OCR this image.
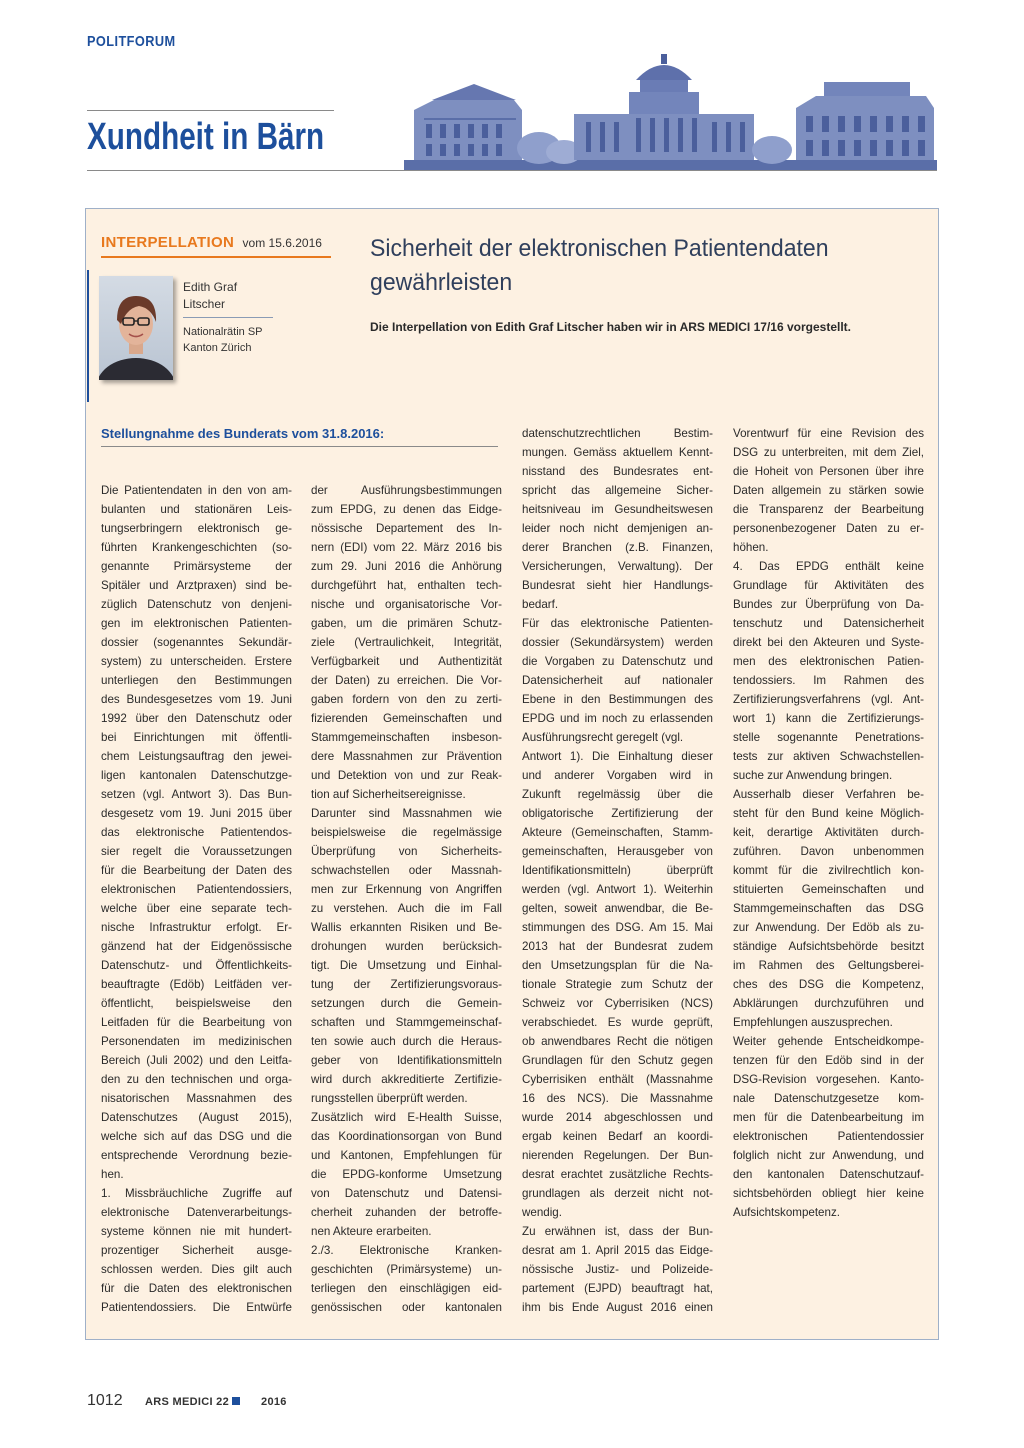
POLITFORUM
Xundheit in Bärn
INTERPELLATION vom 15.6.2016
Edith Graf
Litscher
Nationalrätin SP
Kanton Zürich
Sicherheit der elektronischen Patientendaten
gewährleisten
Die Interpellation von Edith Graf Litscher haben wir in ARS MEDICI 17/16 vorgestellt.
Stellungnahme des Bunderats vom 31.8.2016:
Die Patientendaten in den von am-
bulanten und stationären Leis-
tungserbringern elektronisch ge-
führten Krankengeschichten (so-
genannte Primärsysteme der
Spitäler und Arztpraxen) sind be-
züglich Datenschutz von denjeni-
gen im elektronischen Patienten-
dossier (sogenanntes Sekundär-
system) zu unterscheiden. Erstere
unterliegen den Bestimmungen
des Bundesgesetzes vom 19. Juni
1992 über den Datenschutz oder
bei Einrichtungen mit öffentli-
chem Leistungsauftrag den jewei-
ligen kantonalen Datenschutzge-
setzen (vgl. Antwort 3). Das Bun-
desgesetz vom 19. Juni 2015 über
das elektronische Patientendos-
sier regelt die Voraussetzungen
für die Bearbeitung der Daten des
elektronischen Patientendossiers,
welche über eine separate tech-
nische Infrastruktur erfolgt. Er-
gänzend hat der Eidgenössische
Datenschutz- und Öffentlichkeits-
beauftragte (Edöb) Leitfäden ver-
öffentlicht, beispielsweise den
Leitfaden für die Bearbeitung von
Personendaten im medizinischen
Bereich (Juli 2002) und den Leitfa-
den zu den technischen und orga-
nisatorischen Massnahmen des
Datenschutzes (August 2015),
welche sich auf das DSG und die
entsprechende Verordnung bezie-
hen.
1. Missbräuchliche Zugriffe auf
elektronische Datenverarbeitungs-
systeme können nie mit hundert-
prozentiger Sicherheit ausge-
schlossen werden. Dies gilt auch
für die Daten des elektronischen
Patientendossiers. Die Entwürfe
der Ausführungsbestimmungen
zum EPDG, zu denen das Eidge-
nössische Departement des In-
nern (EDI) vom 22. März 2016 bis
zum 29. Juni 2016 die Anhörung
durchgeführt hat, enthalten tech-
nische und organisatorische Vor-
gaben, um die primären Schutz-
ziele (Vertraulichkeit, Integrität,
Verfügbarkeit und Authentizität
der Daten) zu erreichen. Die Vor-
gaben fordern von den zu zerti-
fizierenden Gemeinschaften und
Stammgemeinschaften insbeson-
dere Massnahmen zur Prävention
und Detektion von und zur Reak-
tion auf Sicherheitsereignisse.
Darunter sind Massnahmen wie
beispielsweise die regelmässige
Überprüfung von Sicherheits-
schwachstellen oder Massnah-
men zur Erkennung von Angriffen
zu verstehen. Auch die im Fall
Wallis erkannten Risiken und Be-
drohungen wurden berücksich-
tigt. Die Umsetzung und Einhal-
tung der Zertifizierungsvoraus-
setzungen durch die Gemein-
schaften und Stammgemeinschaf-
ten sowie auch durch die Heraus-
geber von Identifikationsmitteln
wird durch akkreditierte Zertifizie-
rungsstellen überprüft werden.
Zusätzlich wird E-Health Suisse,
das Koordinationsorgan von Bund
und Kantonen, Empfehlungen für
die EPDG-konforme Umsetzung
von Datenschutz und Datensi-
cherheit zuhanden der betroffe-
nen Akteure erarbeiten.
2./3. Elektronische Kranken-
geschichten (Primärsysteme) un-
terliegen den einschlägigen eid-
genössischen oder kantonalen
datenschutzrechtlichen Bestim-
mungen. Gemäss aktuellem Kennt-
nisstand des Bundesrates ent-
spricht das allgemeine Sicher-
heitsniveau im Gesundheitswesen
leider noch nicht demjenigen an-
derer Branchen (z.B. Finanzen,
Versicherungen, Verwaltung). Der
Bundesrat sieht hier Handlungs-
bedarf.
Für das elektronische Patienten-
dossier (Sekundärsystem) werden
die Vorgaben zu Datenschutz und
Datensicherheit auf nationaler
Ebene in den Bestimmungen des
EPDG und im noch zu erlassenden
Ausführungsrecht geregelt (vgl.
Antwort 1). Die Einhaltung dieser
und anderer Vorgaben wird in
Zukunft regelmässig über die
obligatorische Zertifizierung der
Akteure (Gemeinschaften, Stamm-
gemeinschaften, Herausgeber von
Identifikationsmitteln) überprüft
werden (vgl. Antwort 1). Weiterhin
gelten, soweit anwendbar, die Be-
stimmungen des DSG. Am 15. Mai
2013 hat der Bundesrat zudem
den Umsetzungsplan für die Na-
tionale Strategie zum Schutz der
Schweiz vor Cyberrisiken (NCS)
verabschiedet. Es wurde geprüft,
ob anwendbares Recht die nötigen
Grundlagen für den Schutz gegen
Cyberrisiken enthält (Massnahme
16 des NCS). Die Massnahme
wurde 2014 abgeschlossen und
ergab keinen Bedarf an koordi-
nierenden Regelungen. Der Bun-
desrat erachtet zusätzliche Rechts-
grundlagen als derzeit nicht not-
wendig.
Zu erwähnen ist, dass der Bun-
desrat am 1. April 2015 das Eidge-
nössische Justiz- und Polizeide-
partement (EJPD) beauftragt hat,
ihm bis Ende August 2016 einen
Vorentwurf für eine Revision des
DSG zu unterbreiten, mit dem Ziel,
die Hoheit von Personen über ihre
Daten allgemein zu stärken sowie
die Transparenz der Bearbeitung
personenbezogener Daten zu er-
höhen.
4. Das EPDG enthält keine
Grundlage für Aktivitäten des
Bundes zur Überprüfung von Da-
tenschutz und Datensicherheit
direkt bei den Akteuren und Syste-
men des elektronischen Patien-
tendossiers. Im Rahmen des
Zertifizierungsverfahrens (vgl. Ant-
wort 1) kann die Zertifizierungs-
stelle sogenannte Penetrations-
tests zur aktiven Schwachstellen-
suche zur Anwendung bringen.
Ausserhalb dieser Verfahren be-
steht für den Bund keine Möglich-
keit, derartige Aktivitäten durch-
zuführen. Davon unbenommen
kommt für die zivilrechtlich kon-
stituierten Gemeinschaften und
Stammgemeinschaften das DSG
zur Anwendung. Der Edöb als zu-
ständige Aufsichtsbehörde besitzt
im Rahmen des Geltungsberei-
ches des DSG die Kompetenz,
Abklärungen durchzuführen und
Empfehlungen auszusprechen.
Weiter gehende Entscheidkompe-
tenzen für den Edöb sind in der
DSG-Revision vorgesehen. Kanto-
nale Datenschutzgesetze kom-
men für die Datenbearbeitung im
elektronischen Patientendossier
folglich nicht zur Anwendung, und
den kantonalen Datenschutzauf-
sichtsbehörden obliegt hier keine
Aufsichtskompetenz.
1012 ARS MEDICI 22	2016
